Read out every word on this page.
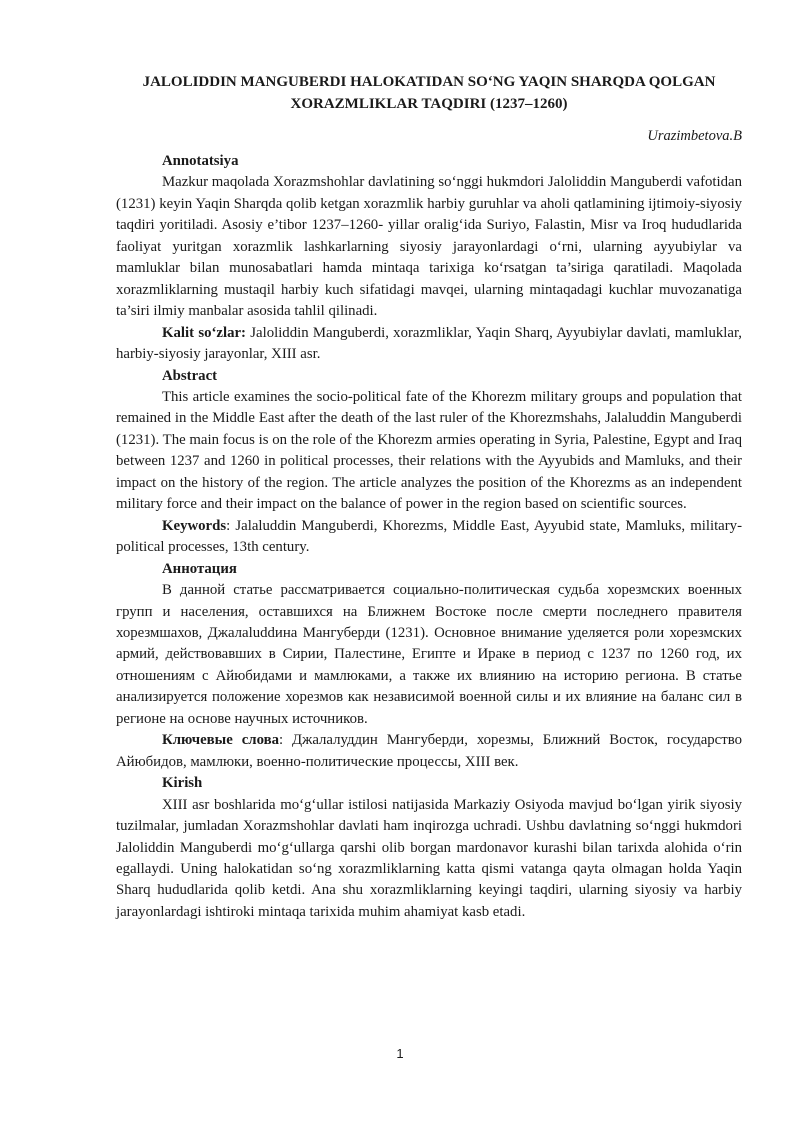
JALOLIDDIN MANGUBERDI HALOKATIDAN SO‘NG YAQIN SHARQDA QOLGAN XORAZMLIKLAR TAQDIRI (1237–1260)

Urazimbetova.B

Annotatsiya

Mazkur maqolada Xorazmshohlar davlatining so‘nggi hukmdori Jaloliddin Manguberdi vafotidan (1231) keyin Yaqin Sharqda qolib ketgan xorazmlik harbiy guruhlar va aholi qatlamining ijtimoiy-siyosiy taqdiri yoritiladi. Asosiy e’tibor 1237–1260- yillar oralig‘ida Suriyo, Falastin, Misr va Iroq hududlarida faoliyat yuritgan xorazmlik lashkarlarning siyosiy jarayonlardagi o‘rni, ularning ayyubiylar va mamluklar bilan munosabatlari hamda mintaqa tarixiga ko‘rsatgan ta’siriga qaratiladi. Maqolada xorazmliklarning mustaqil harbiy kuch sifatidagi mavqei, ularning mintaqadagi kuchlar muvozanatiga ta’siri ilmiy manbalar asosida tahlil qilinadi.

Kalit so‘zlar: Jaloliddin Manguberdi, xorazmliklar, Yaqin Sharq, Ayyubiylar davlati, mamluklar, harbiy-siyosiy jarayonlar, XIII asr.

Abstract

This article examines the socio-political fate of the Khorezm military groups and population that remained in the Middle East after the death of the last ruler of the Khorezmshahs, Jalaluddin Manguberdi (1231). The main focus is on the role of the Khorezm armies operating in Syria, Palestine, Egypt and Iraq between 1237 and 1260 in political processes, their relations with the Ayyubids and Mamluks, and their impact on the history of the region. The article analyzes the position of the Khorezms as an independent military force and their impact on the balance of power in the region based on scientific sources.

Keywords: Jalaluddin Manguberdi, Khorezms, Middle East, Ayyubid state, Mamluks, military-political processes, 13th century.

Аннотация

В данной статье рассматривается социально-политическая судьба хорезмских военных групп и населения, оставшихся на Ближнем Востоке после смерти последнего правителя хорезмшахов, Джалаluddина Мангуберди (1231). Основное внимание уделяется роли хорезмских армий, действовавших в Сирии, Палестине, Египте и Ираке в период с 1237 по 1260 год, их отношениям с Айюбидами и мамлюками, а также их влиянию на историю региона. В статье анализируется положение хорезмов как независимой военной силы и их влияние на баланс сил в регионе на основе научных источников.

Ключевые слова: Джалалуддин Мангуберди, хорезмы, Ближний Восток, государство Айюбидов, мамлюки, военно-политические процессы, XIII век.

Kirish

XIII asr boshlarida mo‘g‘ullar istilosi natijasida Markaziy Osiyoda mavjud bo‘lgan yirik siyosiy tuzilmalar, jumladan Xorazmshohlar davlati ham inqirozga uchradi. Ushbu davlatning so‘nggi hukmdori Jaloliddin Manguberdi mo‘g‘ullarga qarshi olib borgan mardonavor kurashi bilan tarixda alohida o‘rin egallaydi. Uning halokatidan so‘ng xorazmliklarning katta qismi vatanga qayta olmagan holda Yaqin Sharq hududlarida qolib ketdi. Ana shu xorazmliklarning keyingi taqdiri, ularning siyosiy va harbiy jarayonlardagi ishtiroki mintaqa tarixida muhim ahamiyat kasb etadi.

1
